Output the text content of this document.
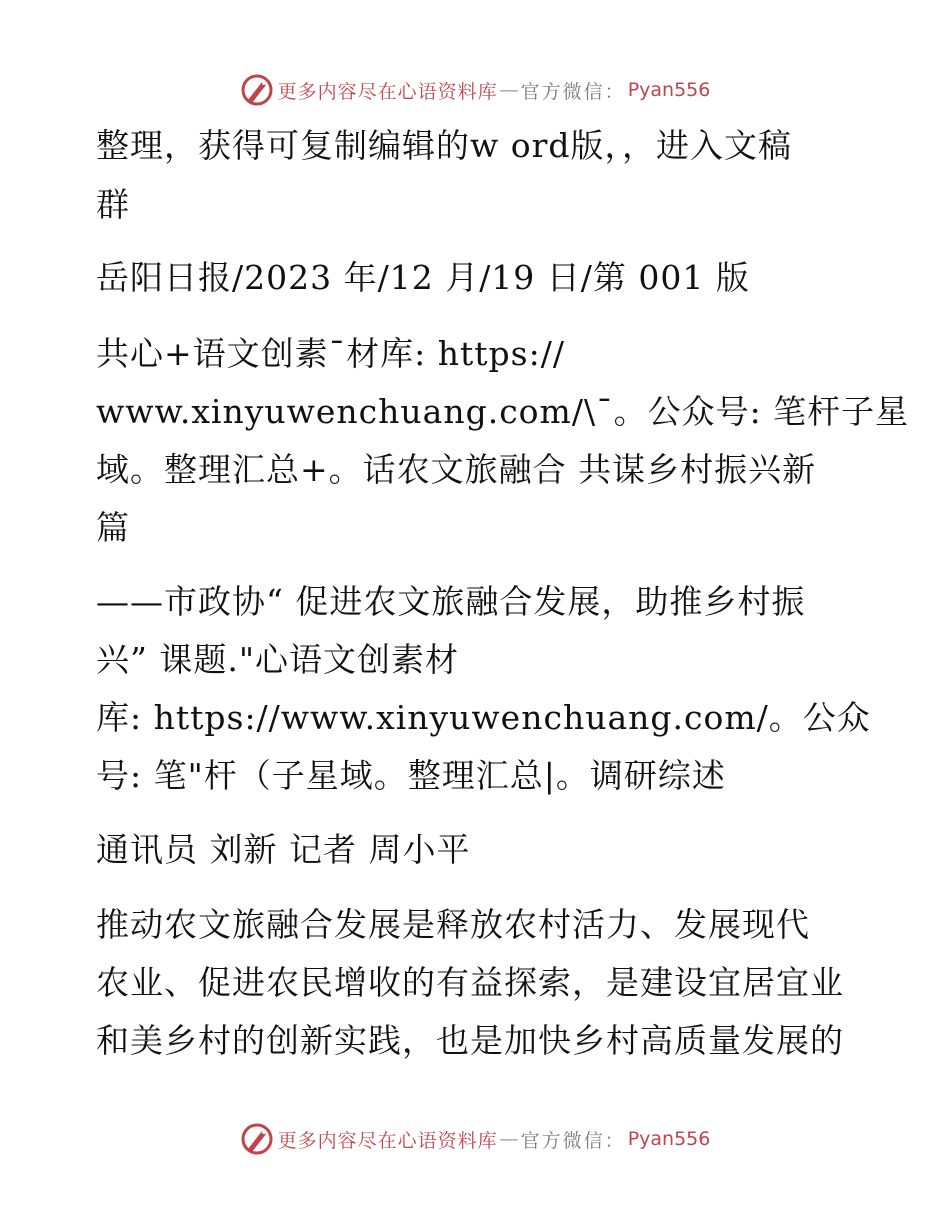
更多内容尽在心语资料库 — 官方微信： Pyan556
整理，获得可复制编辑的w ord版，，进入文稿
群
岳阳日报/2023 年/12 月/19 日/第 001 版
共心+语文创素¯材库: https://
www.xinyuwenchuang.com/\¯。公众号: 笔杆子星
域。整理汇总+。话农文旅融合 共谋乡村振兴新
篇
——市政协“ 促进农文旅融合发展，助推乡村振
兴” 课题."心语文创素材
库: https://www.xinyuwenchuang.com/。公众
号: 笔"杆（子星域。整理汇总|。调研综述
通讯员 刘新 记者 周小平
推动农文旅融合发展是释放农村活力、发展现代
农业、促进农民增收的有益探索，是建设宜居宜业
和美乡村的创新实践，也是加快乡村高质量发展的
更多内容尽在心语资料库 — 官方微信： Pyan556
